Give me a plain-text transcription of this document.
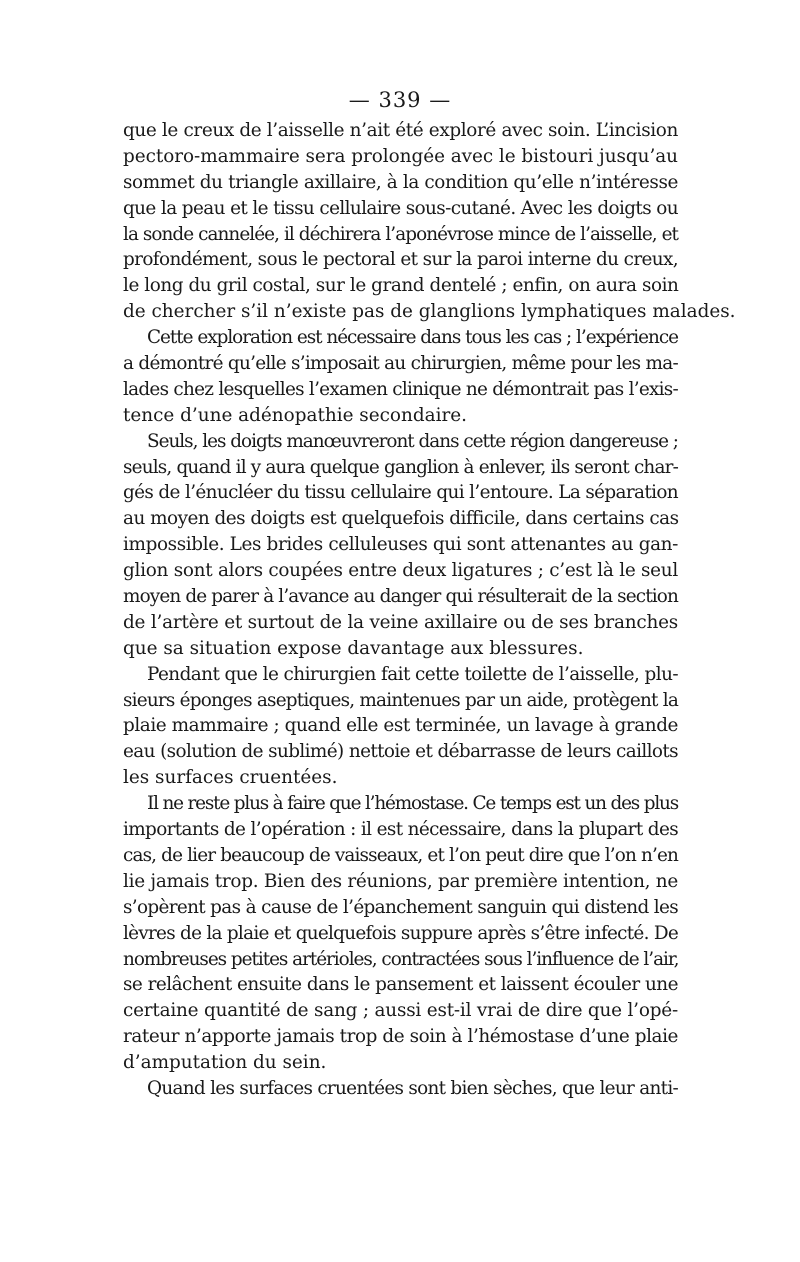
— 339 —
que le creux de l’aisselle n’ait été exploré avec soin. L’incision
pectoro-mammaire sera prolongée avec le bistouri jusqu’au
sommet du triangle axillaire, à la condition qu’elle n’intéresse
que la peau et le tissu cellulaire sous-cutané. Avec les doigts ou
la sonde cannelée, il déchirera l’aponévrose mince de l’aisselle, et
profondément, sous le pectoral et sur la paroi interne du creux,
le long du gril costal, sur le grand dentelé ; enfin, on aura soin
de chercher s’il n’existe pas de glanglions lymphatiques malades.
Cette exploration est nécessaire dans tous les cas ; l’expérience
a démontré qu’elle s’imposait au chirurgien, même pour les ma-
lades chez lesquelles l’examen clinique ne démontrait pas l’exis-
tence d’une adénopathie secondaire.
Seuls, les doigts manœuvreront dans cette région dangereuse ;
seuls, quand il y aura quelque ganglion à enlever, ils seront char-
gés de l’énucléer du tissu cellulaire qui l’entoure. La séparation
au moyen des doigts est quelquefois difficile, dans certains cas
impossible. Les brides celluleuses qui sont attenantes au gan-
glion sont alors coupées entre deux ligatures ; c’est là le seul
moyen de parer à l’avance au danger qui résulterait de la section
de l’artère et surtout de la veine axillaire ou de ses branches
que sa situation expose davantage aux blessures.
Pendant que le chirurgien fait cette toilette de l’aisselle, plu-
sieurs éponges aseptiques, maintenues par un aide, protègent la
plaie mammaire ; quand elle est terminée, un lavage à grande
eau (solution de sublimé) nettoie et débarrasse de leurs caillots
les surfaces cruentées.
Il ne reste plus à faire que l’hémostase. Ce temps est un des plus
importants de l’opération : il est nécessaire, dans la plupart des
cas, de lier beaucoup de vaisseaux, et l’on peut dire que l’on n’en
lie jamais trop. Bien des réunions, par première intention, ne
s’opèrent pas à cause de l’épanchement sanguin qui distend les
lèvres de la plaie et quelquefois suppure après s’être infecté. De
nombreuses petites artérioles, contractées sous l’influence de l’air,
se relâchent ensuite dans le pansement et laissent écouler une
certaine quantité de sang ; aussi est-il vrai de dire que l’opé-
rateur n’apporte jamais trop de soin à l’hémostase d’une plaie
d’amputation du sein.
Quand les surfaces cruentées sont bien sèches, que leur anti-
